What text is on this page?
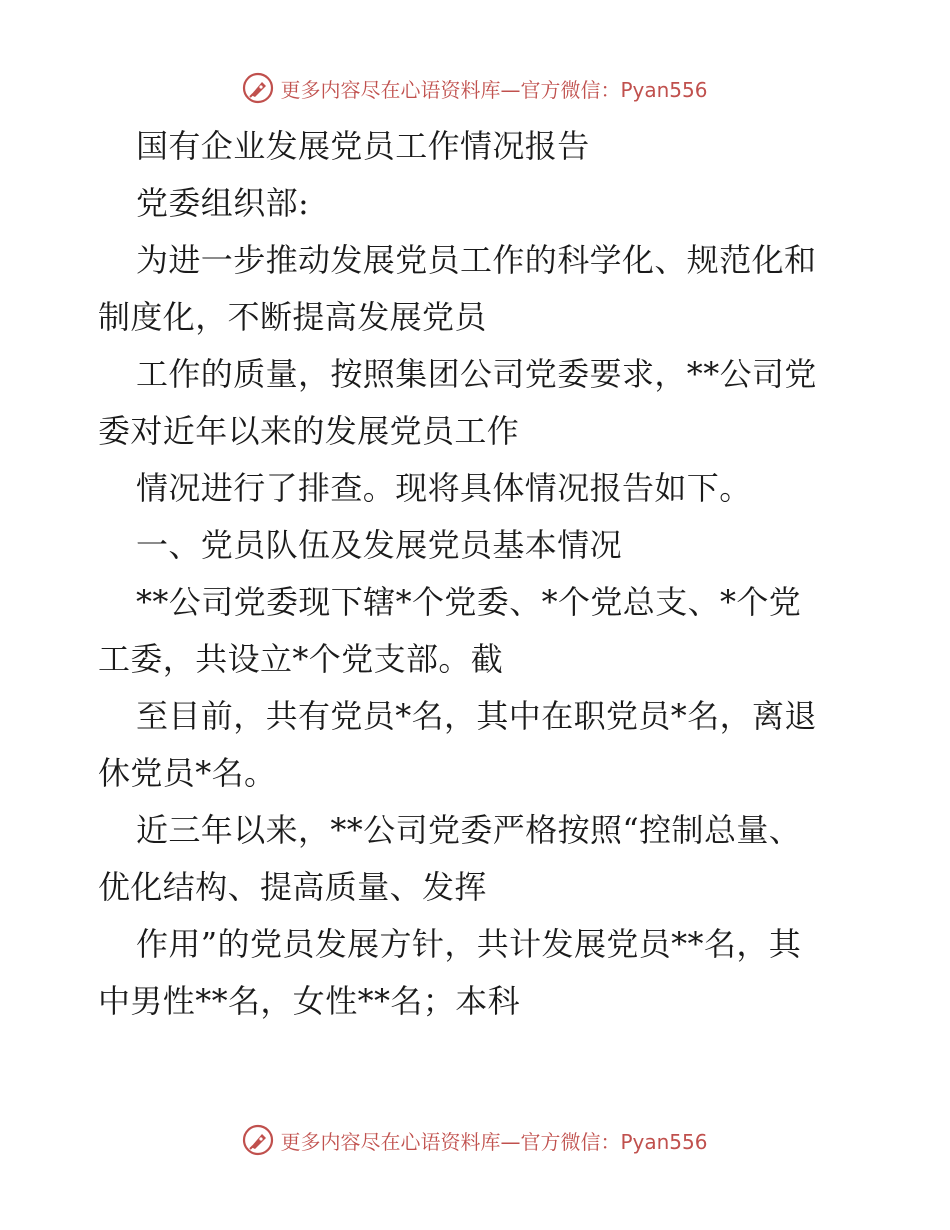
更多内容尽在心语资料库—官方微信：Pyan556
国有企业发展党员工作情况报告
党委组织部:
为进一步推动发展党员工作的科学化、规范化和
制度化，不断提高发展党员
工作的质量，按照集团公司党委要求，**公司党
委对近年以来的发展党员工作
情况进行了排查。现将具体情况报告如下。
一、党员队伍及发展党员基本情况
**公司党委现下辖*个党委、*个党总支、*个党
工委，共设立*个党支部。截
至目前，共有党员*名，其中在职党员*名，离退
休党员*名。
近三年以来，**公司党委严格按照“控制总量、
优化结构、提高质量、发挥
作用”的党员发展方针，共计发展党员**名，其
中男性**名，女性**名；本科
更多内容尽在心语资料库—官方微信：Pyan556
